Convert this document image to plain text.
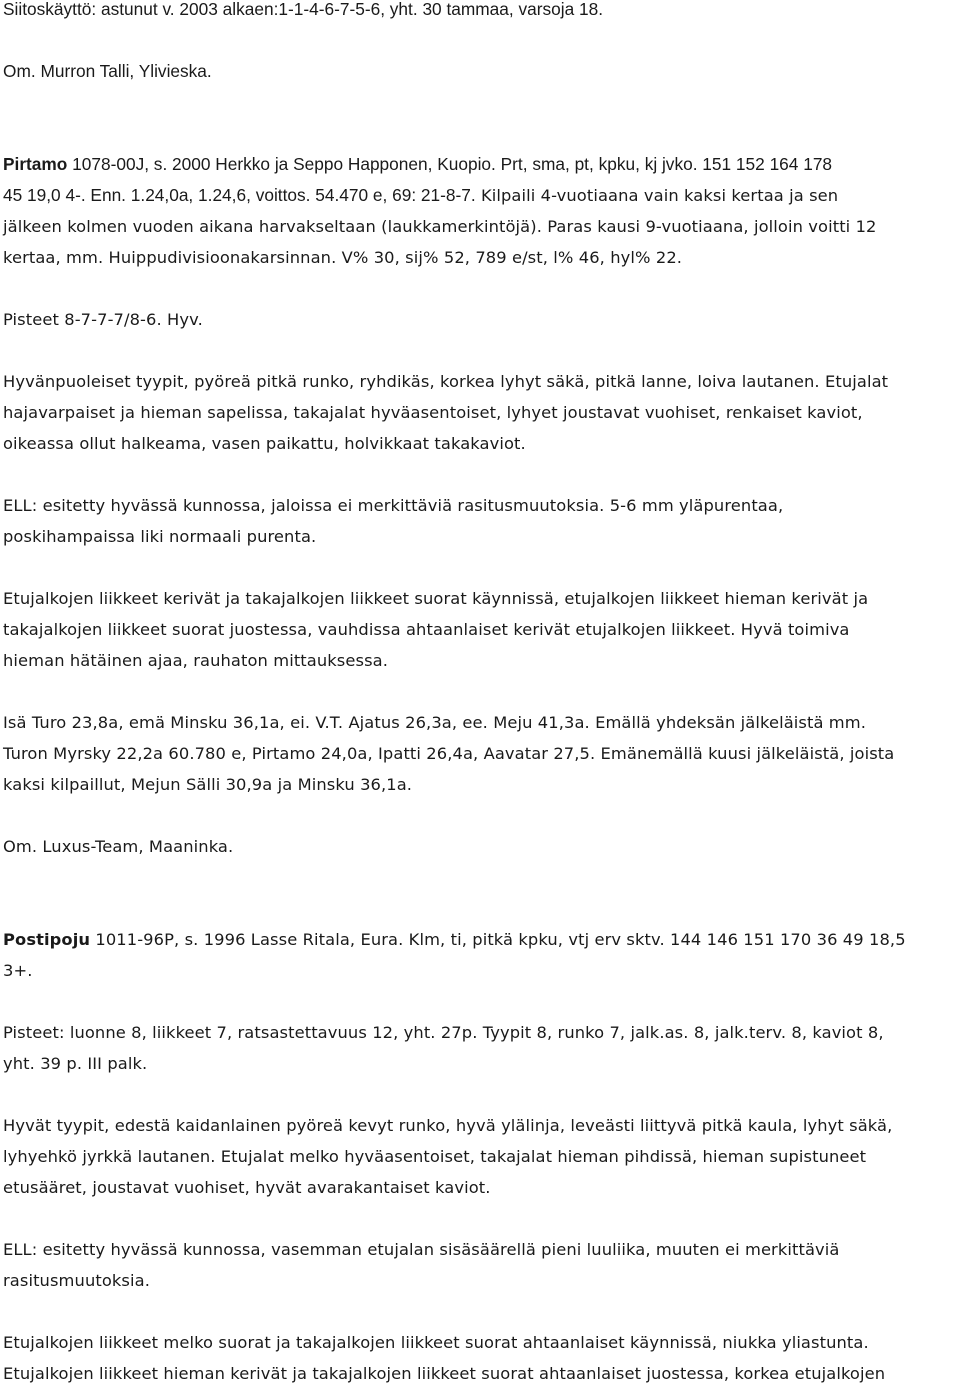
Siitoskäyttö: astunut v. 2003 alkaen:1-1-4-6-7-5-6, yht. 30 tammaa, varsoja 18.

Om. Murron Talli, Ylivieska.

Pirtamo 1078-00J, s. 2000 Herkko ja Seppo Happonen, Kuopio. Prt, sma, pt, kpku, kj jvko. 151 152 164 178

45 19,0 4-. Enn. 1.24,0a, 1.24,6, voittos. 54.470 e, 69: 21-8-7. Kilpaili 4-vuotiaana vain kaksi kertaa ja sen

jälkeen kolmen vuoden aikana harvakseltaan (laukkamerkintöjä). Paras kausi 9-vuotiaana, jolloin voitti 12

kertaa, mm. Huippudivisioonakarsinnan. V% 30, sij% 52, 789 e/st, l% 46, hyl% 22.

Pisteet 8-7-7-7/8-6. Hyv.

Hyvänpuoleiset tyypit, pyöreä pitkä runko, ryhdikäs, korkea lyhyt säkä, pitkä lanne, loiva lautanen. Etujalat

hajavarpaiset ja hieman sapelissa, takajalat hyväasentoiset, lyhyet joustavat vuohiset, renkaiset kaviot,

oikeassa ollut halkeama, vasen paikattu, holvikkaat takakaviot.

ELL: esitetty hyvässä kunnossa, jaloissa ei merkittäviä rasitusmuutoksia. 5-6 mm yläpurentaa,

poskihampaissa liki normaali purenta.

Etujalkojen liikkeet kerivät ja takajalkojen liikkeet suorat käynnissä, etujalkojen liikkeet hieman kerivät ja

takajalkojen liikkeet suorat juostessa, vauhdissa ahtaanlaiset kerivät etujalkojen liikkeet. Hyvä toimiva

hieman hätäinen ajaa, rauhaton mittauksessa.

Isä Turo 23,8a, emä Minsku 36,1a, ei. V.T. Ajatus 26,3a, ee. Meju 41,3a. Emällä yhdeksän jälkeläistä mm.

Turon Myrsky 22,2a 60.780 e, Pirtamo 24,0a, Ipatti 26,4a, Aavatar 27,5. Emänemällä kuusi jälkeläistä, joista

kaksi kilpaillut, Mejun Sälli 30,9a ja Minsku 36,1a.

Om. Luxus-Team, Maaninka.

Postipoju 1011-96P, s. 1996 Lasse Ritala, Eura. Klm, ti, pitkä kpku, vtj erv sktv. 144 146 151 170 36 49 18,5

3+.

Pisteet: luonne 8, liikkeet 7, ratsastettavuus 12, yht. 27p. Tyypit 8, runko 7, jalk.as. 8, jalk.terv. 8, kaviot 8,

yht. 39 p. III palk.

Hyvät tyypit, edestä kaidanlainen pyöreä kevyt runko, hyvä ylälinja, leveästi liittyvä pitkä kaula, lyhyt säkä,

lyhyehkö jyrkkä lautanen. Etujalat melko hyväasentoiset, takajalat hieman pihdissä, hieman supistuneet

etusääret, joustavat vuohiset, hyvät avarakantaiset kaviot.

ELL: esitetty hyvässä kunnossa, vasemman etujalan sisäsäärellä pieni luuliika, muuten ei merkittäviä

rasitusmuutoksia.

Etujalkojen liikkeet melko suorat ja takajalkojen liikkeet suorat ahtaanlaiset käynnissä, niukka yliastunta.

Etujalkojen liikkeet hieman kerivät ja takajalkojen liikkeet suorat ahtaanlaiset juostessa, korkea etujalkojen
